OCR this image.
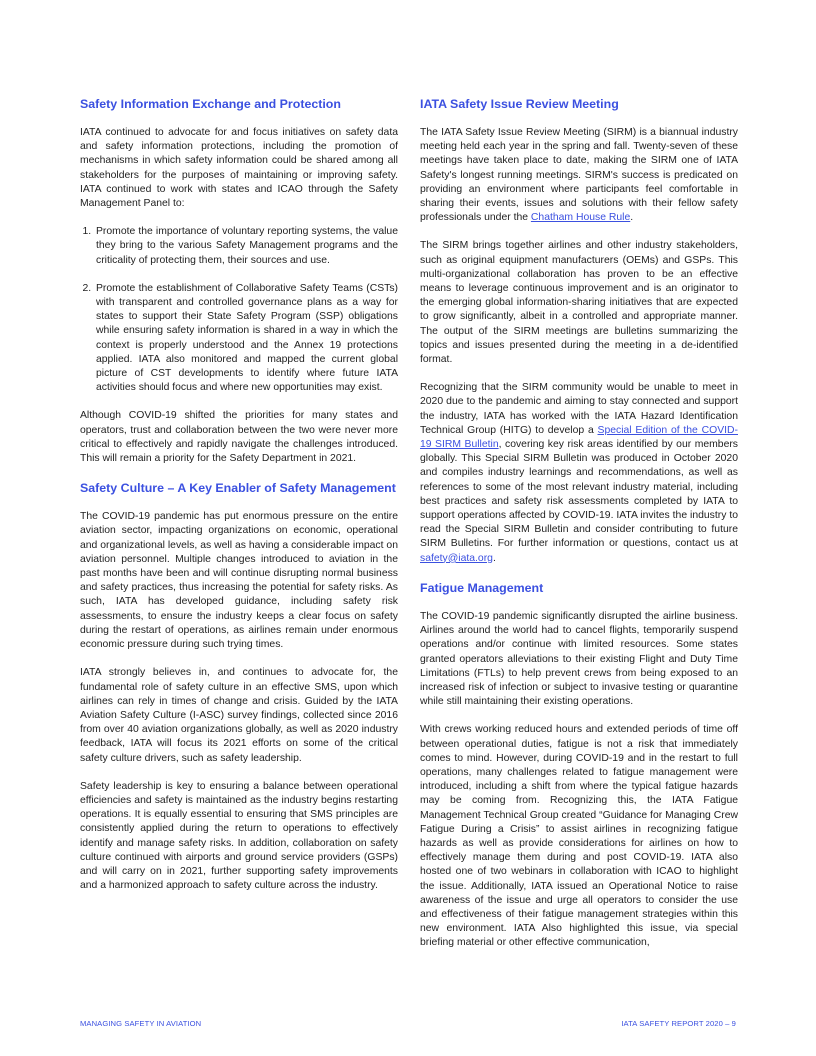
Safety Information Exchange and Protection

IATA continued to advocate for and focus initiatives on safety data and safety information protections, including the promotion of mechanisms in which safety information could be shared among all stakeholders for the purposes of maintaining or improving safety. IATA continued to work with states and ICAO through the Safety Management Panel to:

1. Promote the importance of voluntary reporting systems, the value they bring to the various Safety Management programs and the criticality of protecting them, their sources and use.
2. Promote the establishment of Collaborative Safety Teams (CSTs) with transparent and controlled governance plans as a way for states to support their State Safety Program (SSP) obligations while ensuring safety information is shared in a way in which the context is properly understood and the Annex 19 protections applied. IATA also monitored and mapped the current global picture of CST developments to identify where future IATA activities should focus and where new opportunities may exist.

Although COVID-19 shifted the priorities for many states and operators, trust and collaboration between the two were never more critical to effectively and rapidly navigate the challenges introduced. This will remain a priority for the Safety Department in 2021.

Safety Culture – A Key Enabler of Safety Management

The COVID-19 pandemic has put enormous pressure on the entire aviation sector, impacting organizations on economic, operational and organizational levels, as well as having a considerable impact on aviation personnel. Multiple changes introduced to aviation in the past months have been and will continue disrupting normal business and safety practices, thus increasing the potential for safety risks. As such, IATA has developed guidance, including safety risk assessments, to ensure the industry keeps a clear focus on safety during the restart of operations, as airlines remain under enormous economic pressure during such trying times.

IATA strongly believes in, and continues to advocate for, the fundamental role of safety culture in an effective SMS, upon which airlines can rely in times of change and crisis. Guided by the IATA Aviation Safety Culture (I-ASC) survey findings, collected since 2016 from over 40 aviation organizations globally, as well as 2020 industry feedback, IATA will focus its 2021 efforts on some of the critical safety culture drivers, such as safety leadership.

Safety leadership is key to ensuring a balance between operational efficiencies and safety is maintained as the industry begins restarting operations. It is equally essential to ensuring that SMS principles are consistently applied during the return to operations to effectively identify and manage safety risks. In addition, collaboration on safety culture continued with airports and ground service providers (GSPs) and will carry on in 2021, further supporting safety improvements and a harmonized approach to safety culture across the industry.

IATA Safety Issue Review Meeting

The IATA Safety Issue Review Meeting (SIRM) is a biannual industry meeting held each year in the spring and fall. Twenty-seven of these meetings have taken place to date, making the SIRM one of IATA Safety's longest running meetings. SIRM's success is predicated on providing an environment where participants feel comfortable in sharing their events, issues and solutions with their fellow safety professionals under the Chatham House Rule.

The SIRM brings together airlines and other industry stakeholders, such as original equipment manufacturers (OEMs) and GSPs. This multi-organizational collaboration has proven to be an effective means to leverage continuous improvement and is an originator to the emerging global information-sharing initiatives that are expected to grow significantly, albeit in a controlled and appropriate manner. The output of the SIRM meetings are bulletins summarizing the topics and issues presented during the meeting in a de-identified format.

Recognizing that the SIRM community would be unable to meet in 2020 due to the pandemic and aiming to stay connected and support the industry, IATA has worked with the IATA Hazard Identification Technical Group (HITG) to develop a Special Edition of the COVID-19 SIRM Bulletin, covering key risk areas identified by our members globally. This Special SIRM Bulletin was produced in October 2020 and compiles industry learnings and recommendations, as well as references to some of the most relevant industry material, including best practices and safety risk assessments completed by IATA to support operations affected by COVID-19. IATA invites the industry to read the Special SIRM Bulletin and consider contributing to future SIRM Bulletins. For further information or questions, contact us at safety@iata.org.

Fatigue Management

The COVID-19 pandemic significantly disrupted the airline business. Airlines around the world had to cancel flights, temporarily suspend operations and/or continue with limited resources. Some states granted operators alleviations to their existing Flight and Duty Time Limitations (FTLs) to help prevent crews from being exposed to an increased risk of infection or subject to invasive testing or quarantine while still maintaining their existing operations.

With crews working reduced hours and extended periods of time off between operational duties, fatigue is not a risk that immediately comes to mind. However, during COVID-19 and in the restart to full operations, many challenges related to fatigue management were introduced, including a shift from where the typical fatigue hazards may be coming from. Recognizing this, the IATA Fatigue Management Technical Group created “Guidance for Managing Crew Fatigue During a Crisis” to assist airlines in recognizing fatigue hazards as well as provide considerations for airlines on how to effectively manage them during and post COVID-19. IATA also hosted one of two webinars in collaboration with ICAO to highlight the issue. Additionally, IATA issued an Operational Notice to raise awareness of the issue and urge all operators to consider the use and effectiveness of their fatigue management strategies within this new environment. IATA Also highlighted this issue, via special briefing material or other effective communication,

MANAGING SAFETY IN AVIATION	IATA SAFETY REPORT 2020 – 9
